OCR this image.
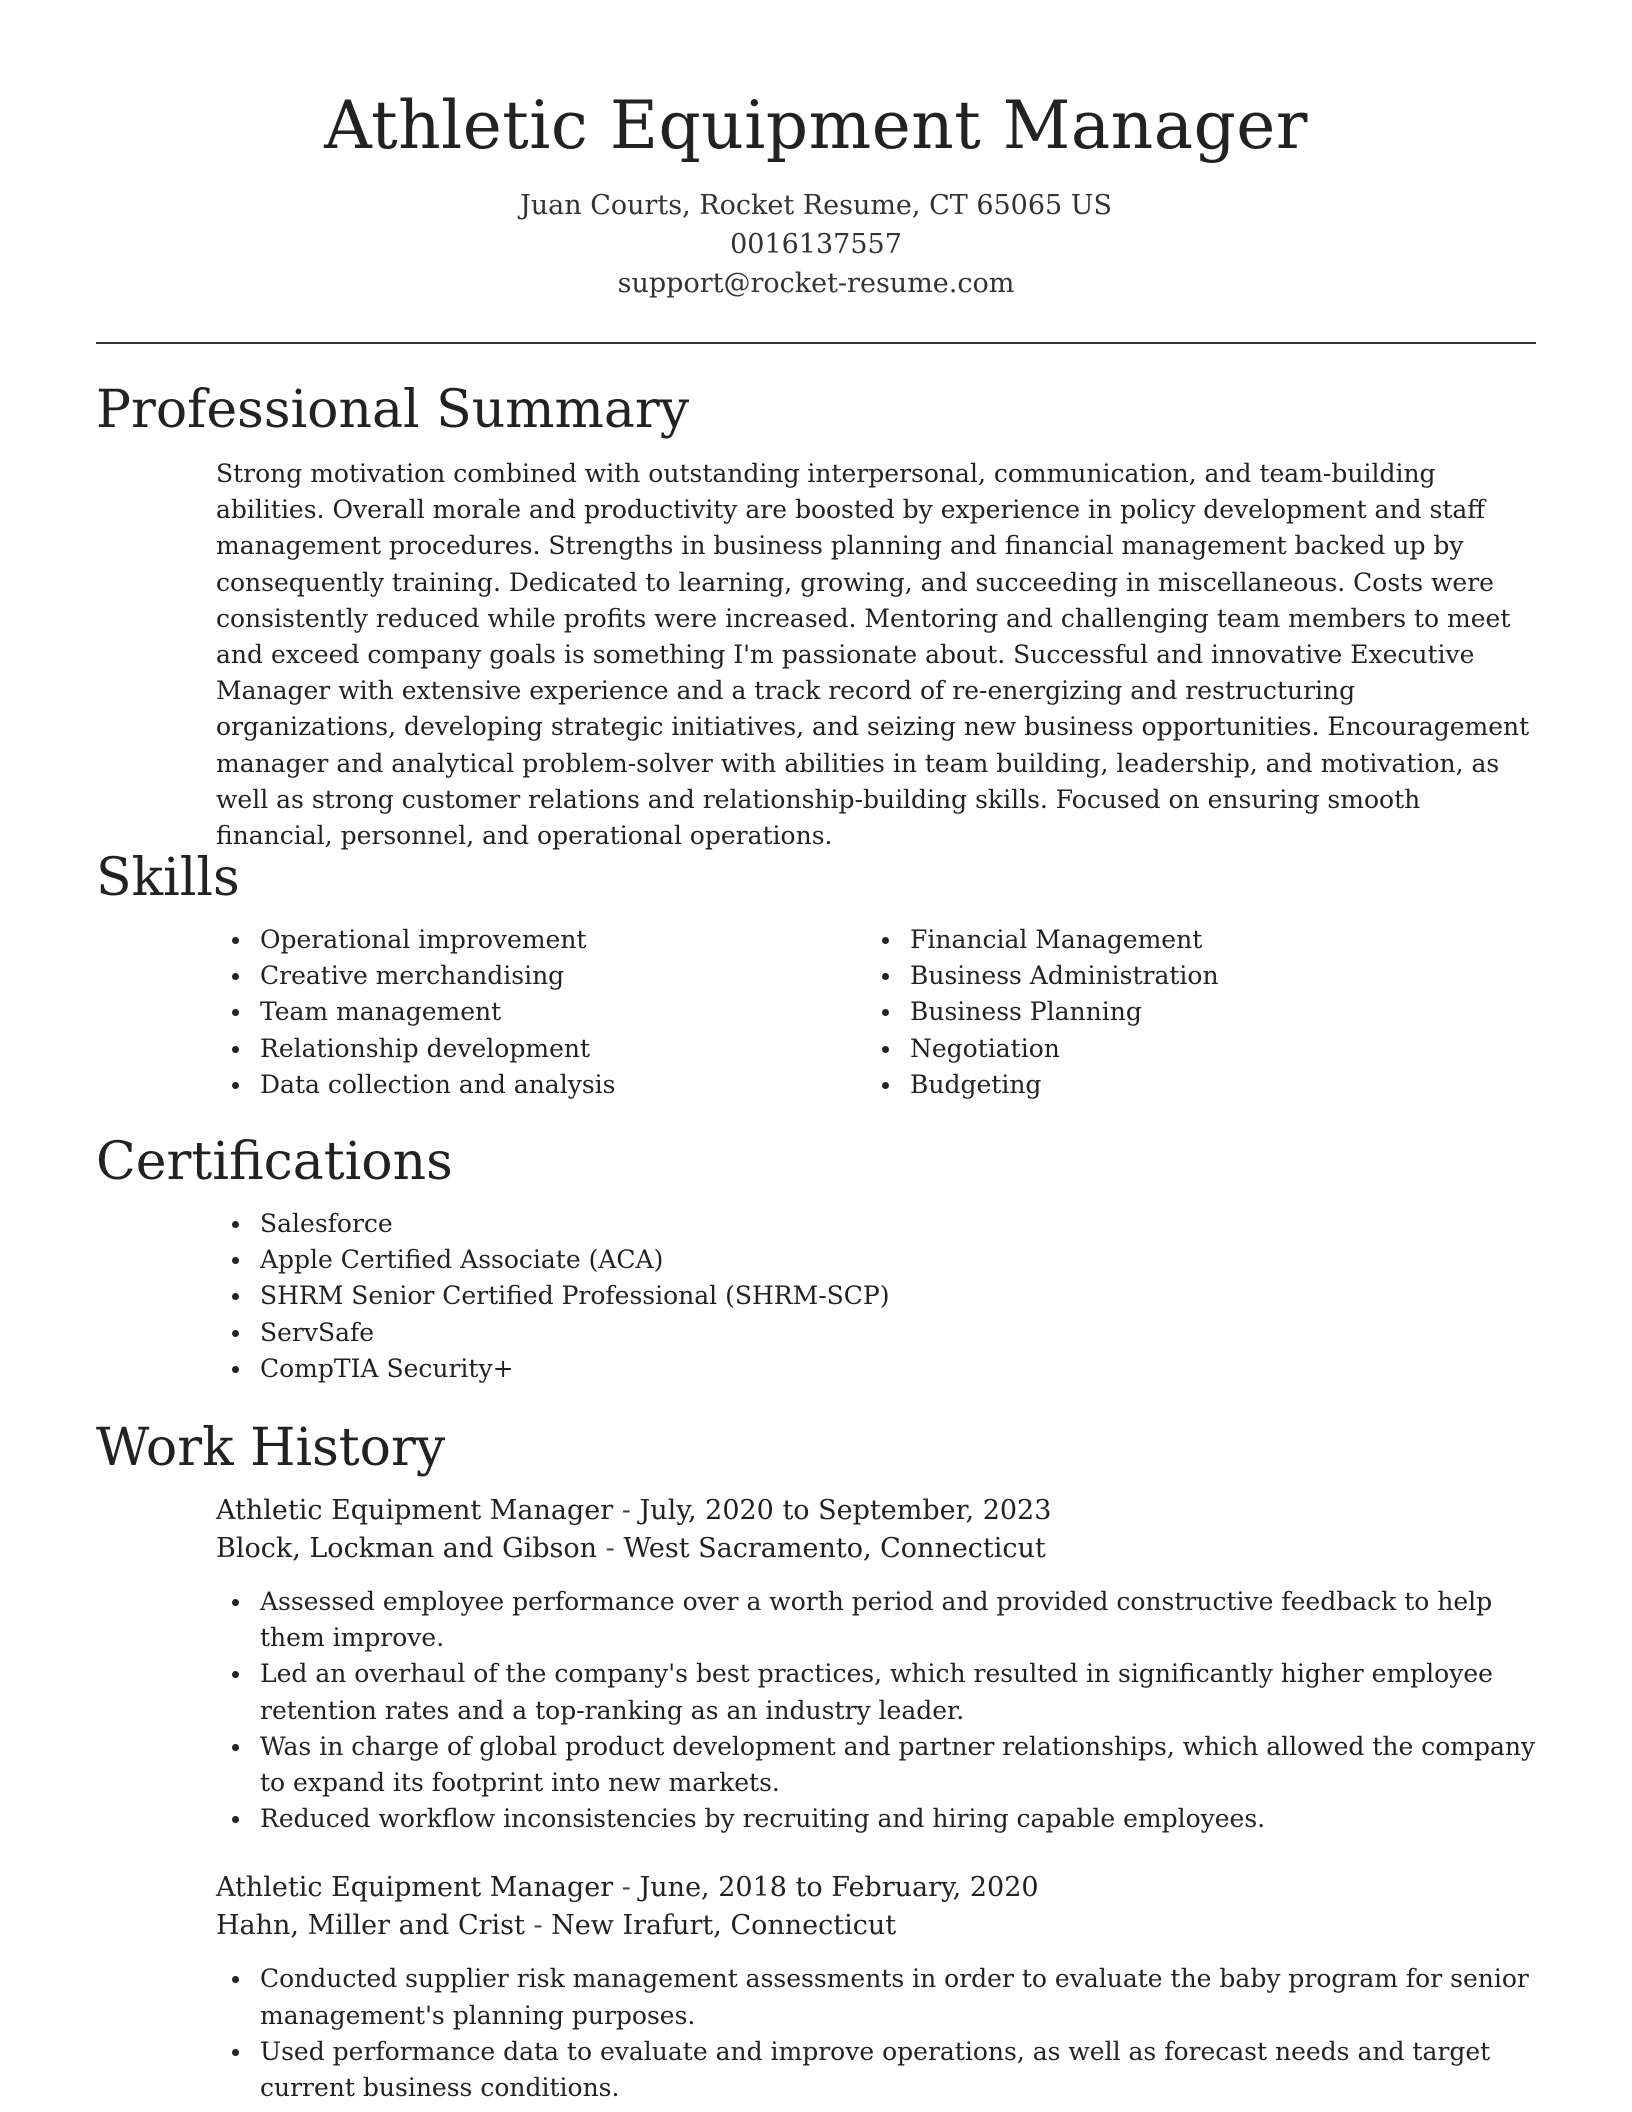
Athletic Equipment Manager
Juan Courts, Rocket Resume, CT 65065 US
0016137557
support@rocket-resume.com
Professional Summary
Strong motivation combined with outstanding interpersonal, communication, and team-building abilities. Overall morale and productivity are boosted by experience in policy development and staff management procedures. Strengths in business planning and financial management backed up by consequently training. Dedicated to learning, growing, and succeeding in miscellaneous. Costs were consistently reduced while profits were increased. Mentoring and challenging team members to meet and exceed company goals is something I'm passionate about. Successful and innovative Executive Manager with extensive experience and a track record of re-energizing and restructuring organizations, developing strategic initiatives, and seizing new business opportunities. Encouragement manager and analytical problem-solver with abilities in team building, leadership, and motivation, as well as strong customer relations and relationship-building skills. Focused on ensuring smooth financial, personnel, and operational operations.
Skills
Operational improvement
Creative merchandising
Team management
Relationship development
Data collection and analysis
Financial Management
Business Administration
Business Planning
Negotiation
Budgeting
Certifications
Salesforce
Apple Certified Associate (ACA)
SHRM Senior Certified Professional (SHRM-SCP)
ServSafe
CompTIA Security+
Work History
Athletic Equipment Manager - July, 2020 to September, 2023
Block, Lockman and Gibson - West Sacramento, Connecticut
Assessed employee performance over a worth period and provided constructive feedback to help them improve.
Led an overhaul of the company's best practices, which resulted in significantly higher employee retention rates and a top-ranking as an industry leader.
Was in charge of global product development and partner relationships, which allowed the company to expand its footprint into new markets.
Reduced workflow inconsistencies by recruiting and hiring capable employees.
Athletic Equipment Manager - June, 2018 to February, 2020
Hahn, Miller and Crist - New Irafurt, Connecticut
Conducted supplier risk management assessments in order to evaluate the baby program for senior management's planning purposes.
Used performance data to evaluate and improve operations, as well as forecast needs and target current business conditions.
